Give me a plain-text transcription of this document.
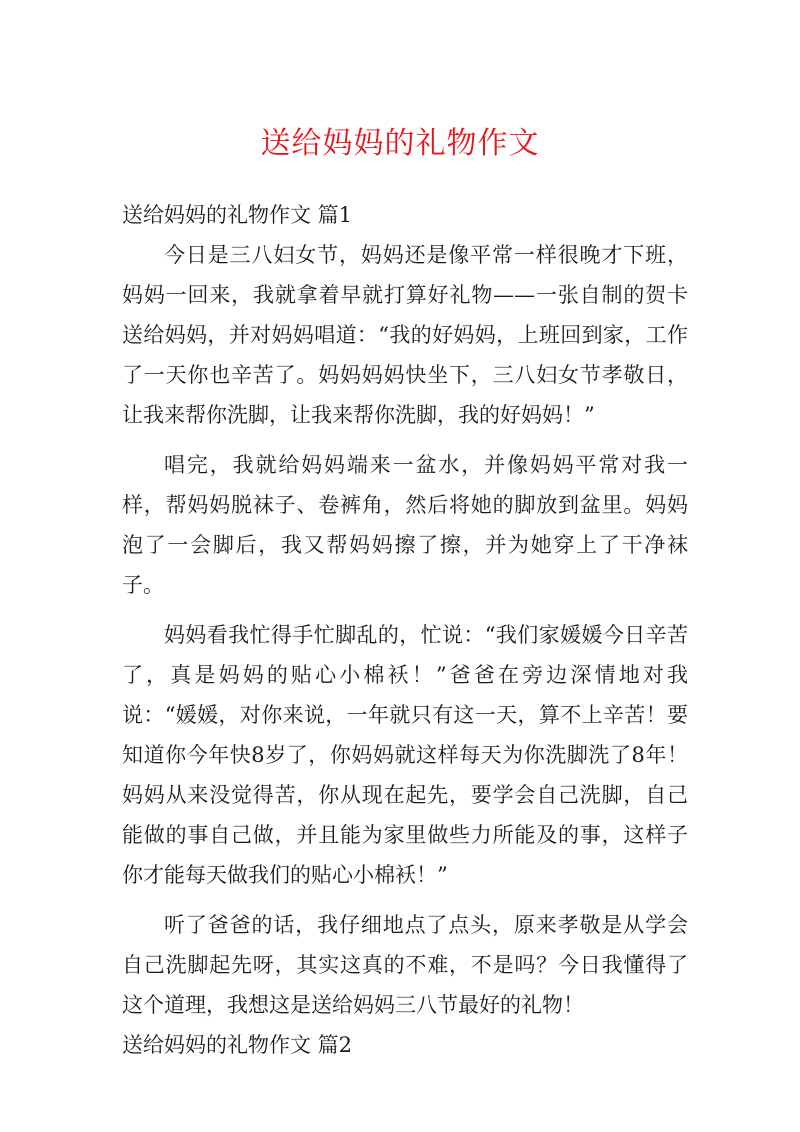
送给妈妈的礼物作文

送给妈妈的礼物作文 篇1

今日是三八妇女节，妈妈还是像平常一样很晚才下班，妈妈一回来，我就拿着早就打算好礼物——一张自制的贺卡送给妈妈，并对妈妈唱道：“我的好妈妈，上班回到家，工作了一天你也辛苦了。妈妈妈妈快坐下，三八妇女节孝敬日，让我来帮你洗脚，让我来帮你洗脚，我的好妈妈！”

唱完，我就给妈妈端来一盆水，并像妈妈平常对我一样，帮妈妈脱袜子、卷裤角，然后将她的脚放到盆里。妈妈泡了一会脚后，我又帮妈妈擦了擦，并为她穿上了干净袜子。

妈妈看我忙得手忙脚乱的，忙说：“我们家媛媛今日辛苦了，真是妈妈的贴心小棉袄！”爸爸在旁边深情地对我说：“媛媛，对你来说，一年就只有这一天，算不上辛苦！要知道你今年快8岁了，你妈妈就这样每天为你洗脚洗了8年！妈妈从来没觉得苦，你从现在起先，要学会自己洗脚，自己能做的事自己做，并且能为家里做些力所能及的事，这样子你才能每天做我们的贴心小棉袄！”

听了爸爸的话，我仔细地点了点头，原来孝敬是从学会自己洗脚起先呀，其实这真的不难，不是吗？今日我懂得了这个道理，我想这是送给妈妈三八节最好的礼物！

送给妈妈的礼物作文 篇2
